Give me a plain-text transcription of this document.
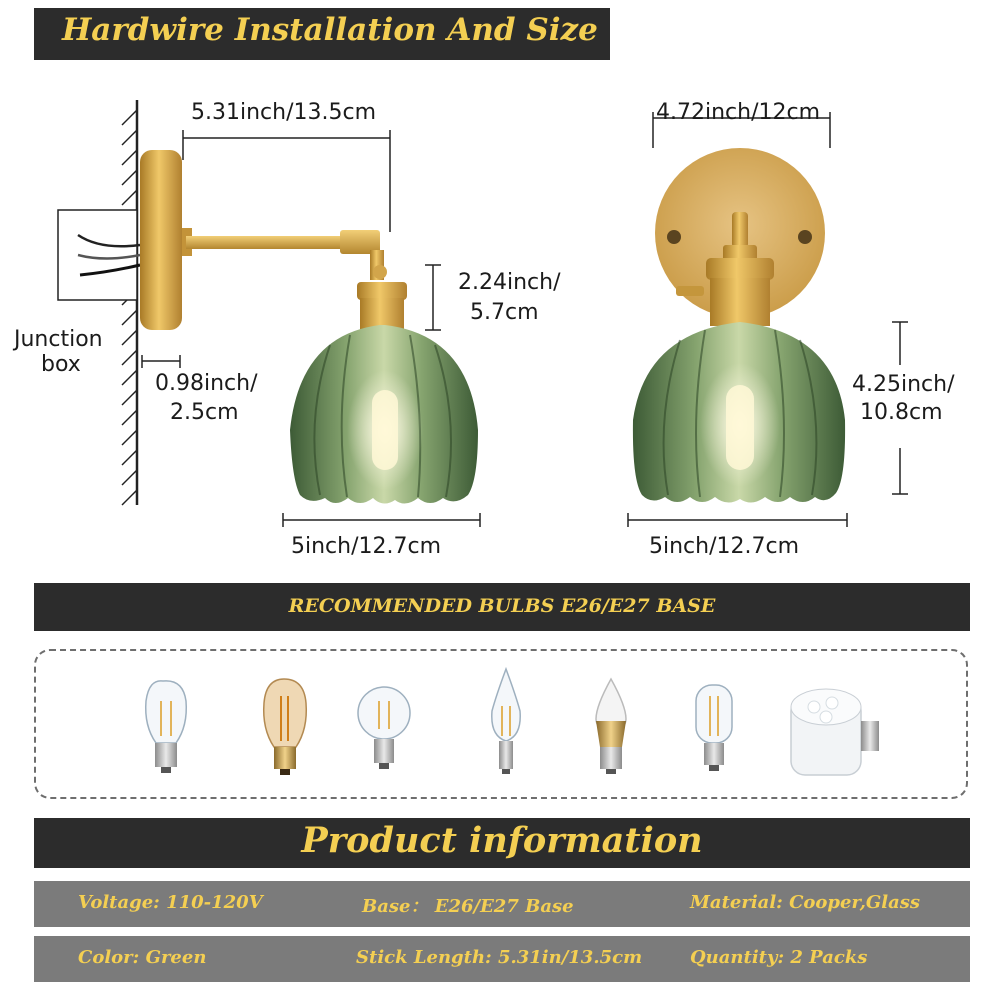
Hardwire Installation And Size
5.31inch/13.5cm
2.24inch/
5.7cm
Junction
box
0.98inch/
2.5cm
5inch/12.7cm
4.72inch/12cm
4.25inch/
10.8cm
5inch/12.7cm
RECOMMENDED BULBS E26/E27 BASE
Product information
Voltage: 110-120V	Base： E26/E27 Base	Material: Cooper,Glass
Color: Green	Stick Length: 5.31in/13.5cm	Quantity: 2 Packs
